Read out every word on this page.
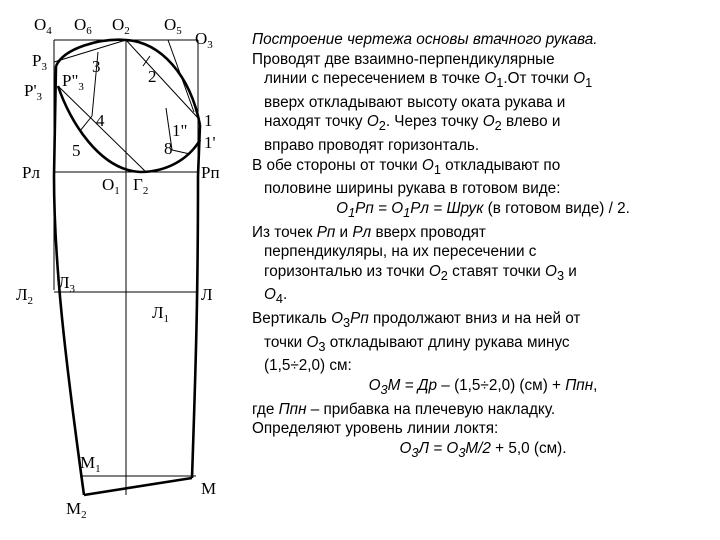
$О_4$ $О_6$ $О_2$ $О_5$ $О_3$
$Р_3$
$Р'_3$
$Р"_3$
3
2
4
5	8
1"
1
1'
Рл	Рп
$О_1$ $Г_2$
$Л_3$
$Л_2$	Л
$Л_1$
$М_1$
М
$М_2$

Построение чертежа основы втачного рукава.

Проводят две взаимно-перпендикулярные
линии с пересечением в точке $О_1.От$ точки $О_1$
вверх откладывают высоту оката рукава и
находят точку $О_2$. Через точку $О_2$ влево и
вправо проводят горизонталь.

В обе стороны от точки $О_1$ откладывают по
половине ширины рукава в готовом виде:

$О_1Рп = О_1Рл$ = Шрук (в готовом виде) / 2.

Из точек Рп и Рл вверх проводят
перпендикуляры, на их пересечении с
горизонталью из точки $О_2$ ставят точки $О_3$ и
$О_4$.

Вертикаль $О_3Рп$ продолжают вниз и на ней от
точки $О_3$ откладывают длину рукава минус
(1,5÷2,0) см:

$О_3М$ = Др – (1,5÷2,0) (см) + Ппн,

где Ппн – прибавка на плечевую накладку.

Определяют уровень линии локтя:

$О_3Л = О_3М/2 + 5,0$ (см).
